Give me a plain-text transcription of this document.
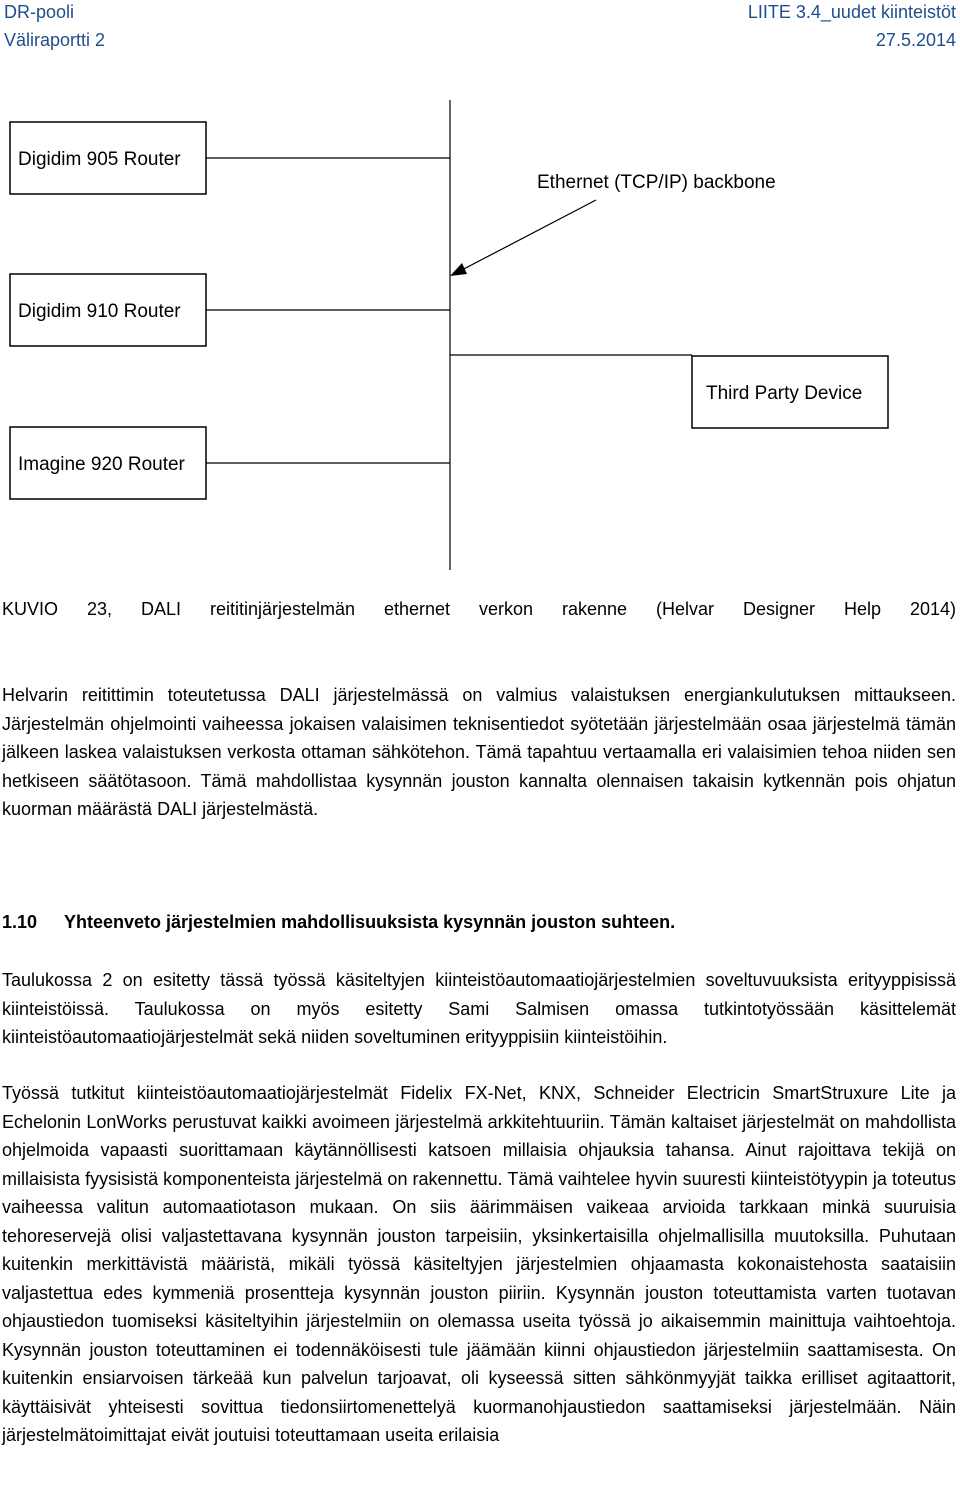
DR-pooli
Väliraportti 2
LIITE 3.4_uudet kiinteistöt
27.5.2014
Digidim 905 Router
Digidim 910 Router
Imagine 920 Router
Ethernet (TCP/IP) backbone
Third Party Device
KUVIO 23, DALI reititinjärjestelmän ethernet verkon rakenne (Helvar Designer Help 2014)
Helvarin reitittimin toteutetussa DALI järjestelmässä on valmius valaistuksen energiankulutuksen mittaukseen. Järjestelmän ohjelmointi vaiheessa jokaisen valaisimen teknisentiedot syötetään järjestelmään osaa järjestelmä tämän jälkeen laskea valaistuksen verkosta ottaman sähkötehon. Tämä tapahtuu vertaamalla eri valaisimien tehoa niiden sen hetkiseen säätötasoon. Tämä mahdollistaa kysynnän jouston kannalta olennaisen takaisin kytkennän pois ohjatun kuorman määrästä DALI järjestelmästä.
1.10 Yhteenveto järjestelmien mahdollisuuksista kysynnän jouston suhteen.
Taulukossa 2 on esitetty tässä työssä käsiteltyjen kiinteistöautomaatiojärjestelmien soveltuvuuksista erityyppisissä kiinteistöissä. Taulukossa on myös esitetty Sami Salmisen omassa tutkintotyössään käsittelemät kiinteistöautomaatiojärjestelmät sekä niiden soveltuminen erityyppisiin kiinteistöihin.
Työssä tutkitut kiinteistöautomaatiojärjestelmät Fidelix FX-Net, KNX, Schneider Electricin SmartStruxure Lite ja Echelonin LonWorks perustuvat kaikki avoimeen järjestelmä arkkitehtuuriin. Tämän kaltaiset järjestelmät on mahdollista ohjelmoida vapaasti suorittamaan käytännöllisesti katsoen millaisia ohjauksia tahansa. Ainut rajoittava tekijä on millaisista fyysisistä komponenteista järjestelmä on rakennettu. Tämä vaihtelee hyvin suuresti kiinteistötyypin ja toteutus vaiheessa valitun automaatiotason mukaan. On siis äärimmäisen vaikeaa arvioida tarkkaan minkä suuruisia tehoreservejä olisi valjastettavana kysynnän jouston tarpeisiin, yksinkertaisilla ohjelmallisilla muutoksilla. Puhutaan kuitenkin merkittävistä määristä, mikäli työssä käsiteltyjen järjestelmien ohjaamasta kokonaistehosta saataisiin valjastettua edes kymmeniä prosentteja kysynnän jouston piiriin. Kysynnän jouston toteuttamista varten tuotavan ohjaustiedon tuomiseksi käsiteltyihin järjestelmiin on olemassa useita työssä jo aikaisemmin mainittuja vaihtoehtoja. Kysynnän jouston toteuttaminen ei todennäköisesti tule jäämään kiinni ohjaustiedon järjestelmiin saattamisesta. On kuitenkin ensiarvoisen tärkeää kun palvelun tarjoavat, oli kyseessä sitten sähkönmyyjät taikka erilliset agitaattorit, käyttäisivät yhteisesti sovittua tiedonsiirtomenettelyä kuormanohjaustiedon saattamiseksi järjestelmään. Näin järjestelmätoimittajat eivät joutuisi toteuttamaan useita erilaisia
